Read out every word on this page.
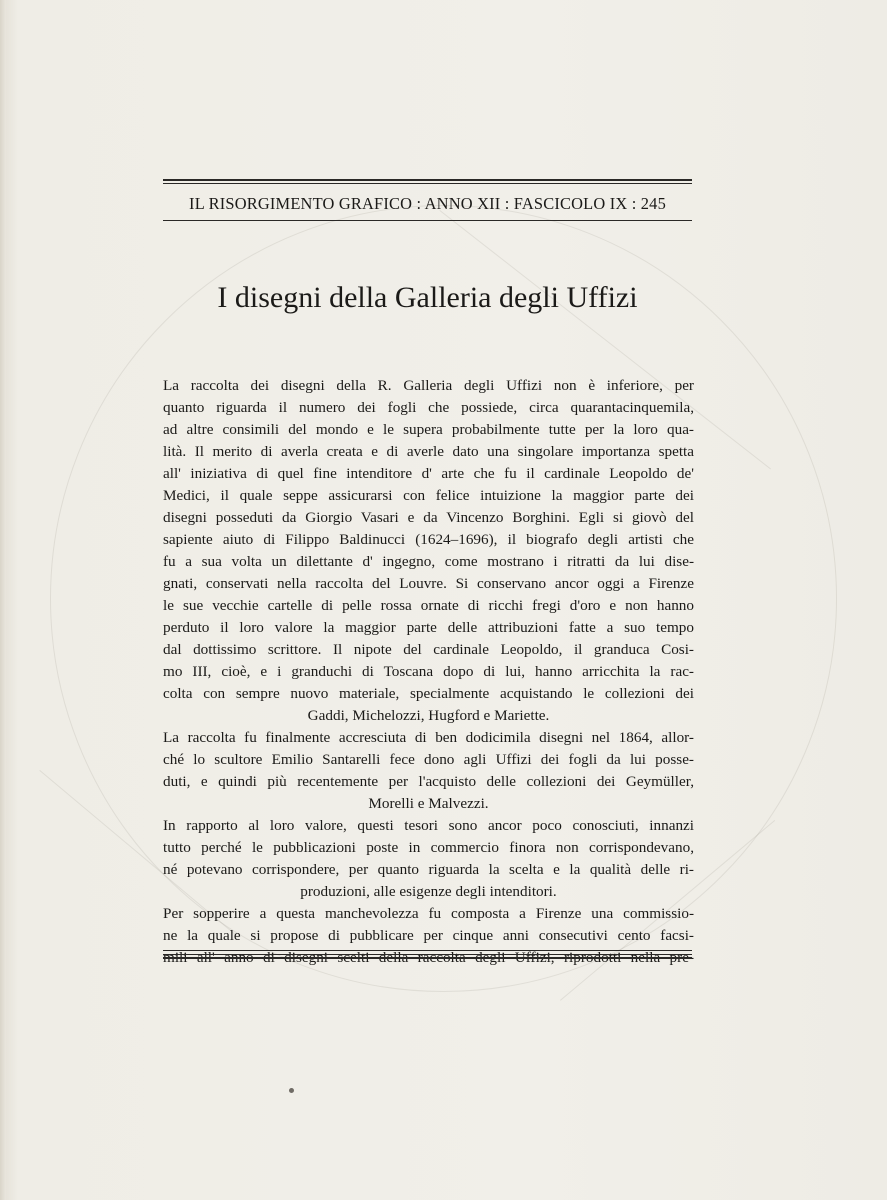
IL RISORGIMENTO GRAFICO : ANNO XII : FASCICOLO IX : 245
I disegni della Galleria degli Uffizi
La raccolta dei disegni della R. Galleria degli Uffizi non è inferiore, per
quanto riguarda il numero dei fogli che possiede, circa quarantacinquemila,
ad altre consimili del mondo e le supera probabilmente tutte per la loro qua-
lità. Il merito di averla creata e di averle dato una singolare importanza spetta
all' iniziativa di quel fine intenditore d' arte che fu il cardinale Leopoldo de'
Medici, il quale seppe assicurarsi con felice intuizione la maggior parte dei
disegni posseduti da Giorgio Vasari e da Vincenzo Borghini. Egli si giovò del
sapiente aiuto di Filippo Baldinucci (1624–1696), il biografo degli artisti che
fu a sua volta un dilettante d' ingegno, come mostrano i ritratti da lui dise-
gnati, conservati nella raccolta del Louvre. Si conservano ancor oggi a Firenze
le sue vecchie cartelle di pelle rossa ornate di ricchi fregi d'oro e non hanno
perduto il loro valore la maggior parte delle attribuzioni fatte a suo tempo
dal dottissimo scrittore. Il nipote del cardinale Leopoldo, il granduca Cosi-
mo III, cioè, e i granduchi di Toscana dopo di lui, hanno arricchita la rac-
colta con sempre nuovo materiale, specialmente acquistando le collezioni dei
Gaddi, Michelozzi, Hugford e Mariette.
La raccolta fu finalmente accresciuta di ben dodicimila disegni nel 1864, allor-
ché lo scultore Emilio Santarelli fece dono agli Uffizi dei fogli da lui posse-
duti, e quindi più recentemente per l'acquisto delle collezioni dei Geymüller,
Morelli e Malvezzi.
In rapporto al loro valore, questi tesori sono ancor poco conosciuti, innanzi
tutto perché le pubblicazioni poste in commercio finora non corrispondevano,
né potevano corrispondere, per quanto riguarda la scelta e la qualità delle ri-
produzioni, alle esigenze degli intenditori.
Per sopperire a questa manchevolezza fu composta a Firenze una commissio-
ne la quale si propose di pubblicare per cinque anni consecutivi cento facsi-
mili all' anno di disegni scelti della raccolta degli Uffizi, riprodotti nella pre-
